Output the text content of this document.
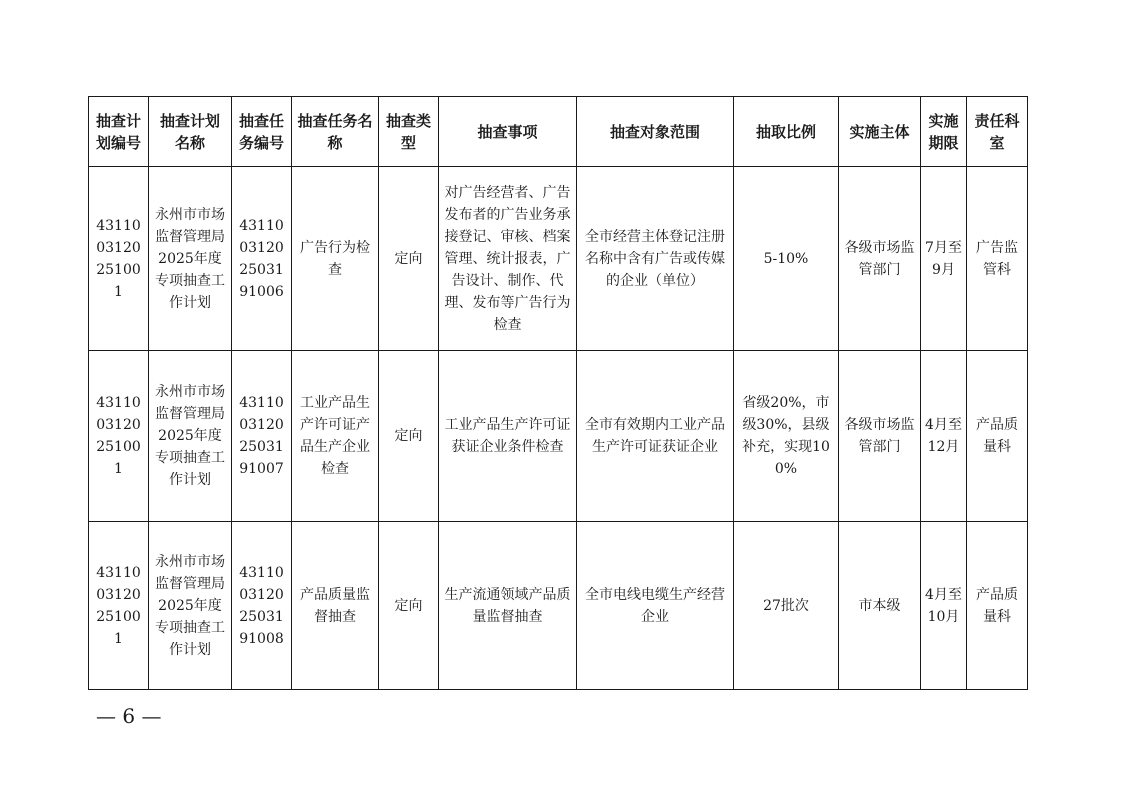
抽查计划编号	抽查计划名称	抽查任务编号	抽查任务名称	抽查类型	抽查事项	抽查对象范围	抽取比例	实施主体	实施期限	责任科室
4311003120251001	永州市市场监督管理局2025年度专项抽查工作计划	43110031202503191006	广告行为检查	定向	对广告经营者、广告发布者的广告业务承接登记、审核、档案管理、统计报表，广告设计、制作、代理、发布等广告行为检查	全市经营主体登记注册名称中含有广告或传媒的企业（单位）	5-10%	各级市场监管部门	7月至9月	广告监管科
4311003120251001	永州市市场监督管理局2025年度专项抽查工作计划	43110031202503191007	工业产品生产许可证产品生产企业检查	定向	工业产品生产许可证获证企业条件检查	全市有效期内工业产品生产许可证获证企业	省级20%，市级30%，县级补充，实现100%	各级市场监管部门	4月至12月	产品质量科
4311003120251001	永州市市场监督管理局2025年度专项抽查工作计划	43110031202503191008	产品质量监督抽查	定向	生产流通领域产品质量监督抽查	全市电线电缆生产经营企业	27批次	市本级	4月至10月	产品质量科
— 6 —
